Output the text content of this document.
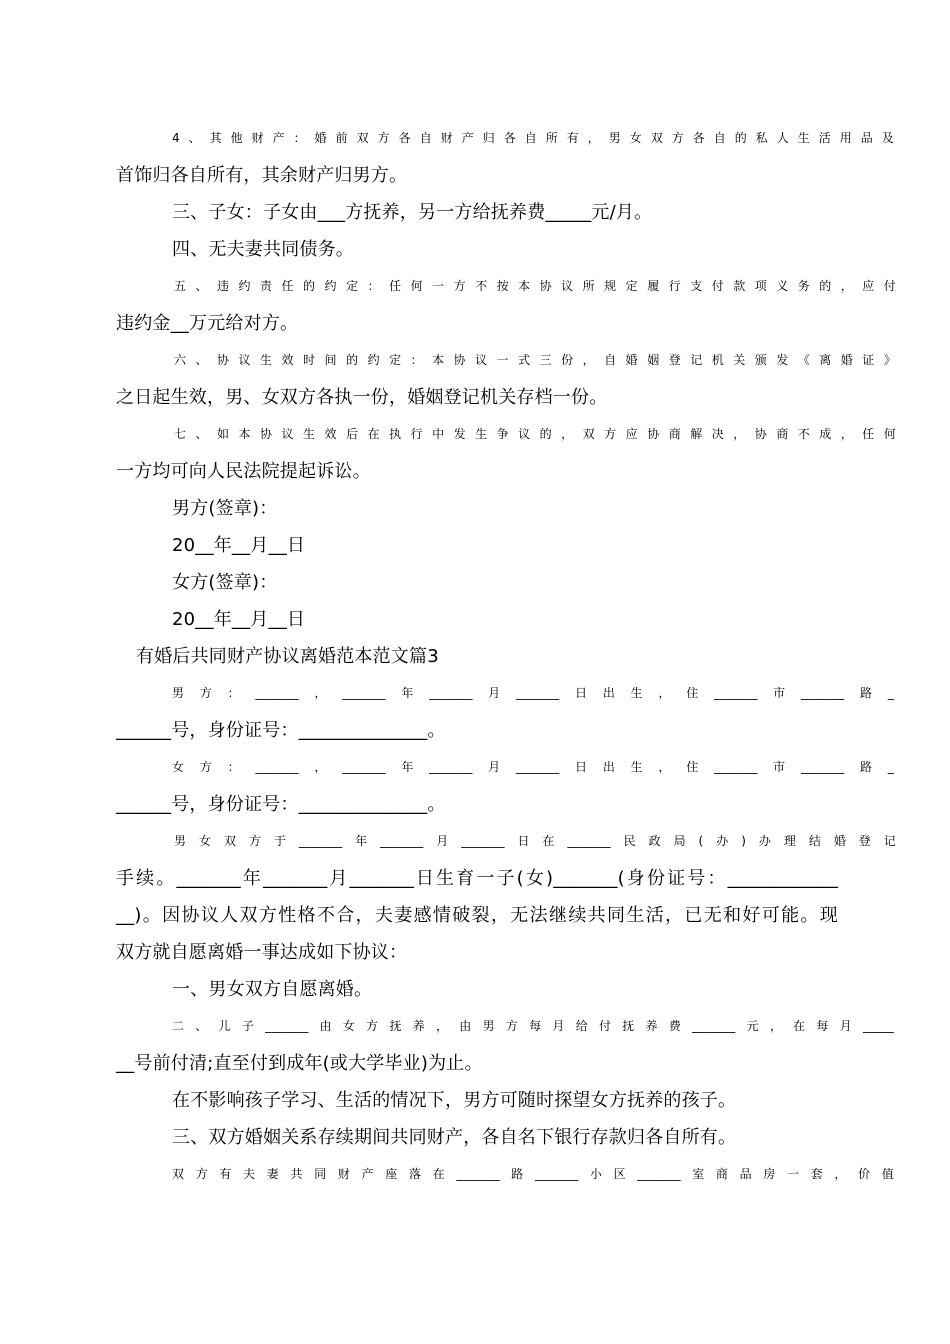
4、其他财产：婚前双方各自财产归各自所有，男女双方各自的私人生活用品及

首饰归各自所有，其余财产归男方。

三、子女：子女由___方抚养，另一方给抚养费_____元/月。

四、无夫妻共同债务。

五、违约责任的约定：任何一方不按本协议所规定履行支付款项义务的，应付

违约金__万元给对方。

六、协议生效时间的约定：本协议一式三份，自婚姻登记机关颁发《离婚证》

之日起生效，男、女双方各执一份，婚姻登记机关存档一份。

七、如本协议生效后在执行中发生争议的，双方应协商解决，协商不成，任何

一方均可向人民法院提起诉讼。

男方(签章)：

20__年__月__日

女方(签章)：

20__年__月__日

有婚后共同财产协议离婚范本范文篇3

男方：_______，_______年_______月_______日出生，住_______市_______路_

______号，身份证号：______________。

女方：_______，_______年_______月_______日出生，住_______市_______路_

______号，身份证号：______________。

男女双方于_______年_______月_______日在_______民政局(办)办理结婚登记

手续。_______年_______月_______日生育一子(女)_______(身份证号：____________

__)。因协议人双方性格不合，夫妻感情破裂，无法继续共同生活，已无和好可能。现

双方就自愿离婚一事达成如下协议：

一、男女双方自愿离婚。

二、儿子_______由女方抚养，由男方每月给付抚养费_______元，在每月_____

__号前付清;直至付到成年(或大学毕业)为止。

在不影响孩子学习、生活的情况下，男方可随时探望女方抚养的孩子。

三、双方婚姻关系存续期间共同财产，各自名下银行存款归各自所有。

双方有夫妻共同财产座落在_______路_______小区_______室商品房一套，价值
